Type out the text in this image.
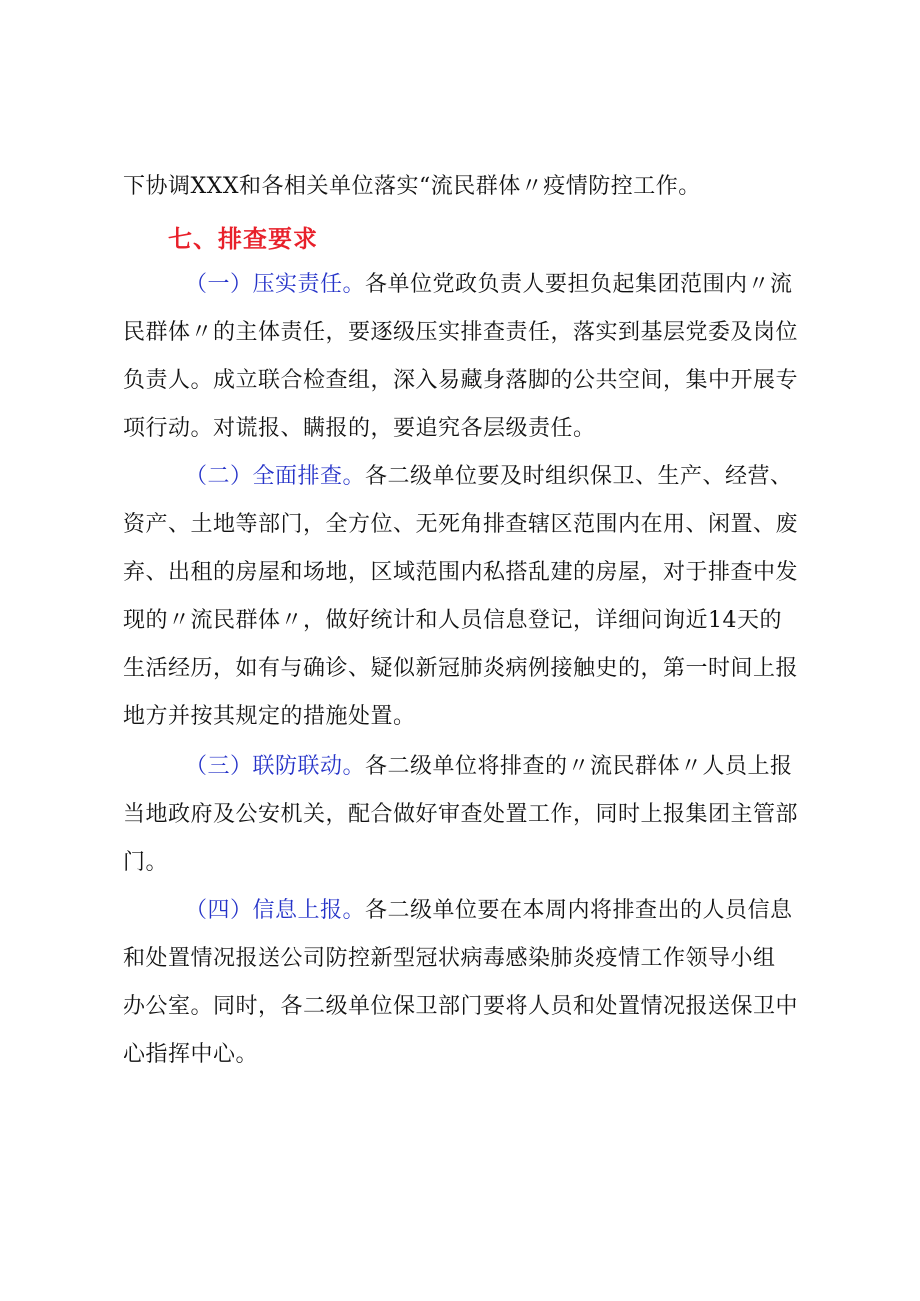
下协调XXX和各相关单位落实“流民群体〃疫情防控工作。
七、排查要求
（一）压实责任。各单位党政负责人要担负起集团范围内〃流
民群体〃的主体责任，要逐级压实排查责任，落实到基层党委及岗位
负责人。成立联合检查组，深入易藏身落脚的公共空间，集中开展专
项行动。对谎报、瞒报的，要追究各层级责任。
（二）全面排查。各二级单位要及时组织保卫、生产、经营、
资产、土地等部门，全方位、无死角排查辖区范围内在用、闲置、废
弃、出租的房屋和场地，区域范围内私搭乱建的房屋，对于排查中发
现的〃流民群体〃，做好统计和人员信息登记，详细问询近14天的
生活经历，如有与确诊、疑似新冠肺炎病例接触史的，第一时间上报
地方并按其规定的措施处置。
（三）联防联动。各二级单位将排查的〃流民群体〃人员上报
当地政府及公安机关，配合做好审查处置工作，同时上报集团主管部
门。
（四）信息上报。各二级单位要在本周内将排查出的人员信息
和处置情况报送公司防控新型冠状病毒感染肺炎疫情工作领导小组
办公室。同时，各二级单位保卫部门要将人员和处置情况报送保卫中
心指挥中心。
